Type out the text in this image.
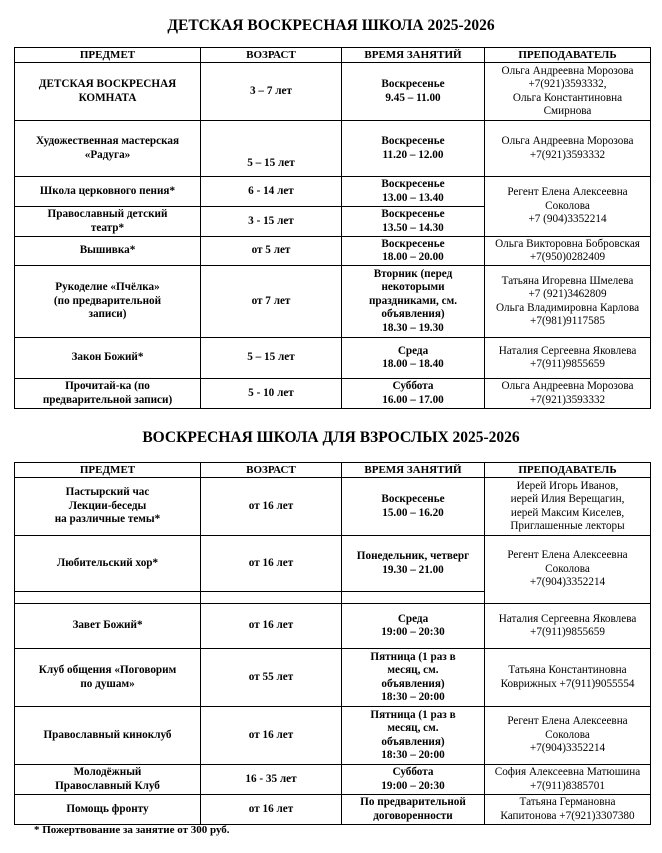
ДЕТСКАЯ ВОСКРЕСНАЯ ШКОЛА 2025-2026
ПРЕДМЕТ	ВОЗРАСТ	ВРЕМЯ ЗАНЯТИЙ	ПРЕПОДАВАТЕЛЬ

ДЕТСКАЯ ВОСКРЕСНАЯ
КОМНАТА	3 – 7 лет	Воскресенье
9.45 – 11.00	Ольга Андреевна Морозова
+7(921)3593332,
Ольга Константиновна
Смирнова

Художественная мастерская
«Радуга»	5 – 15 лет	Воскресенье
11.20 – 12.00	Ольга Андреевна Морозова
+7(921)3593332

Школа церковного пения*	6 - 14 лет	Воскресенье
13.00 – 13.40	Регент Елена Алексеевна
Соколова
+7 (904)3352214

Православный детский
театр*	3 - 15 лет	Воскресенье
13.50 – 14.30	

Вышивка*	от 5 лет	Воскресенье
18.00 – 20.00	Ольга Викторовна Бобровская
+7(950)0282409

Рукоделие «Пчёлка»
(по предварительной
записи)	от 7 лет	Вторник (перед
некоторыми
праздниками, см.
объявления)
18.30 – 19.30	Татьяна Игоревна Шмелева
+7 (921)3462809
Ольга Владимировна Карлова
+7(981)9117585

Закон Божий*	5 – 15 лет	Среда
18.00 – 18.40	Наталия Сергеевна Яковлева
+7(911)9855659

Прочитай-ка (по
предварительной записи)	5 - 10 лет	Суббота
16.00 – 17.00	Ольга Андреевна Морозова
+7(921)3593332
ВОСКРЕСНАЯ ШКОЛА ДЛЯ ВЗРОСЛЫХ 2025-2026
ПРЕДМЕТ	ВОЗРАСТ	ВРЕМЯ ЗАНЯТИЙ	ПРЕПОДАВАТЕЛЬ

Пастырский час
Лекции-беседы
на различные темы*	от 16 лет	Воскресенье
15.00 – 16.20	Иерей Игорь Иванов,
иерей Илия Верещагин,
иерей Максим Киселев,
Приглашенные лекторы

Любительский хор*	от 16 лет	Понедельник, четверг
19.30 – 21.00	Регент Елена Алексеевна
Соколова
+7(904)3352214

Завет Божий*	от 16 лет	Среда
19:00 – 20:30	Наталия Сергеевна Яковлева
+7(911)9855659

Клуб общения «Поговорим
по душам»	от 55 лет	Пятница (1 раз в
месяц, см.
объявления)
18:30 – 20:00	Татьяна Константиновна
Коврижных +7(911)9055554

Православный киноклуб	от 16 лет	Пятница (1 раз в
месяц, см.
объявления)
18:30 – 20:00	Регент Елена Алексеевна
Соколова
+7(904)3352214

Молодёжный
Православный Клуб	16 - 35 лет	Суббота
19:00 – 20:30	София Алексеевна Матюшина
+7(911)8385701

Помощь фронту	от 16 лет	По предварительной
договоренности	Татьяна Германовна
Капитонова +7(921)3307380

* Пожертвование за занятие от 300 руб.
